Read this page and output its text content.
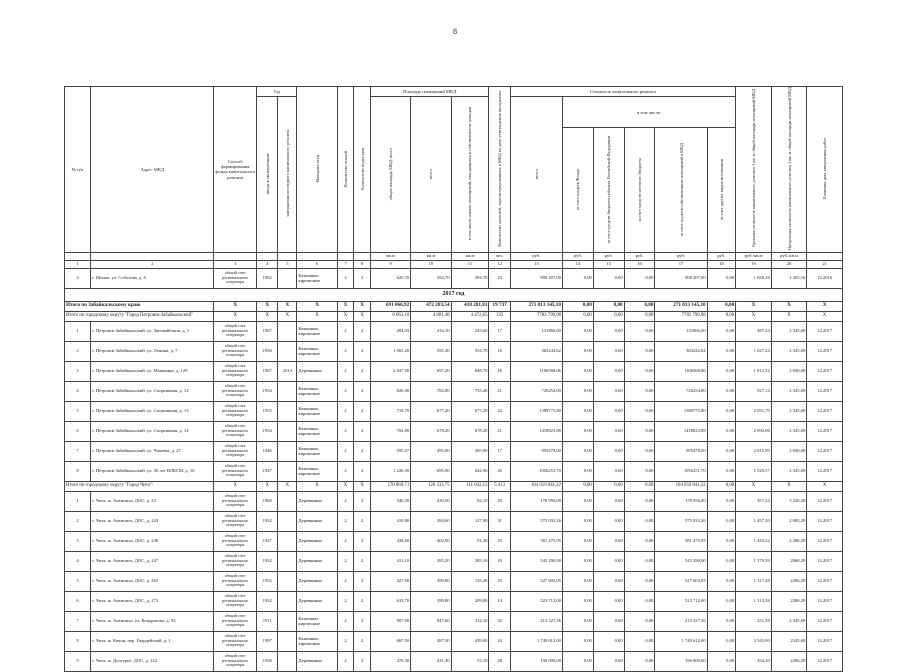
8
№ п/п	Адрес МКД	Способ формирования фонда капитального ремонта	Год		Материал стен	Количество этажей	Количество подъездов	Площадь помещений МКД			Количество жителей, зарегистрированных в МКД на дату утверждения программы	Стоимость капитального ремонта						Удельная стоимость капитального ремонта 1 кв. м общей площади помещений МКД	Предельная стоимость капитального ремонта 1 кв. м общей площади помещений МКД	Плановая дата завершения работ
			ввода в эксплуатацию	завершения последнего капитального ремонта				общая площадь МКД, всего	всего	в том числе жилых помещений, находящихся в собственности граждан		всего	в том числе:							
													за счет средств Фонда	за счет средств бюджета субъекта Российской Федерации	за счет средств местного бюджета	за счет средств собственников помещений в МКД	за счет других видов источников			
								кв.м	кв.м	кв.м	чел.	руб.	руб.	руб.	руб.	руб.	руб.	руб./кв.м	руб./кв.м	
1	2	3	4	5	6	7	8	9	10	11	12	13	14	15	16	17	18	19	20	21
4	г. Шилка, ул. Соболева, д. 6	общий счет регионального оператора	1962		Каменные, кирпичные	2	2	620,70	584,70	584,70	23	908 207,00	0,00	0,00	0,00	908 207,00	0,00	1 656,18	1 465,16	12.2016
2017 год																				
Итого по Забайкальскому краю		X	X	X	X	X	X	691 066,92	472 283,54	418 281,81	19 737	271 013 145,10	0,00	0,00	0,00	271 013 145,10	0,00	X	X	X
Итого по городскому округу "Город Петровск-Забайкальский"		X	X	X	X	X	X	6 063,10	4 801,40	4 472,65	135	7782 799,98	0,00	0,00	0,00	7782 799,98	0,00	X	X	X
1	г. Петровск-Забайкальский, ул. Зиговайбаков, д. 1	общий счет регионального оператора	1967		Каменные, кирпичные	2	2	494,03	234,10	243,60	17	131866,00	0,00	0,00	0,00	131866,00	0,00	487,24	2 345,69	12.2017
2	г. Петровск-Забайкальский, ул. Ленина, д. 7	общий счет регионального оператора	1950		Каменные, кирпичные	2	2	1 065,20	595,30	554,70	16	363242,62	0,00	0,00	0,00	363242,62	0,00	1 627,24	2 345,69	12.2017
3	г. Петровск-Забайкальский, ул. Мышкина, д. 129	общий счет регионального оператора	1967	2014	Деревянные	2	2	2 047,90	697,20	648,70	16	1106568,06	0,00	0,00	0,00	1106568,06	0,00	1 812,52	2 690,00	12.2017
4	г. Петровск-Забайкальский, ул. Спортивная, д. 12	общий счет регионального оператора	1954		Каменные, кирпичные	2	2	826,90	782,80	733,40	21	726254,00	0,00	0,00	0,00	726254,00	0,00	927,14	2 345,69	12.2017
5	г. Петровск-Забайкальский, ул. Спортивная, д. 13	общий счет регионального оператора	1955		Каменные, кирпичные	2	2	718,70	677,20	677,29	22	1389775,80	0,00	0,00	0,00	1389775,80	0,00	2 051,79	2 345,69	12.2017
6	г. Петровск-Забайкальский, ул. Спортивная, д. 14	общий счет регионального оператора	1954		Каменные, кирпичные	2	2	704,80	678,20	678,20	21	1418823,88	0,00	0,00	0,00	1418823,88	0,00	2 092,06	2 345,69	12.2017
7	г. Петровск-Забайкальский, ул. Чапаева, д. 27	общий счет регионального оператора	1946		Каменные, кирпичные	2	2	595,07	495,90	495,90	17	995478,00	0,00	0,00	0,00	995478,00	0,00	2 015,99	2 690,00	12.2017
8	г. Петровск-Забайкальский, ул. 30 лет ВЛКСМ, д. 16	общий счет регионального оператора	1947		Каменные, кирпичные	2	2	1 226,50	695,90	642,96	26	1056251,70	0,00	0,00	0,00	1056251,70	0,00	1 529,57	2 345,69	12.2017
Итого по городскому округу "Город Чита":		X	X	X	X	X	X	170 869,71	126 333,75	111 042,12	5 413	104 959 041,22	0,00	0,00	0,00	104 959 041,22	0,00	X	X	X
1	г. Чита, ж. Антипиха, ДОС, д. 23	общий счет регионального оператора	1960		Деревянные	2	2	340,50	430,50	62,19	29	178 956,00	0,00	0,00	0,00	178 956,00	0,00	357,24	3 226,20	12.2017
2	г. Чита, ж. Антипиха, ДОС, д. 243	общий счет регионального оператора	1932		Деревянные	2	2	410,80	384,60	127,90	31	575 033,26	0,00	0,00	0,00	575 033,26	0,00	1 457,20	2 082,29	12.2017
3	г. Чита, ж. Антипиха, ДОС, д. 246	общий счет регионального оператора	1927		Деревянные	2	2	438,60	402,90	91,30	25	581 475,95	0,00	0,00	0,00	581 475,95	0,00	1 443,22	2 286,29	12.2017
4	г. Чита, ж. Антипиха, ДОС, д. 247	общий счет регионального оператора	1932		Деревянные	2	2	412,10	385,20	385,10	18	545 290,00	0,00	0,00	0,00	545 290,00	0,00	1 379,59	2060,29	12.2017
5	г. Чита, ж. Антипиха, ДОС, д. 265	общий счет регионального оператора	1952		Деревянные	2	2	427,90	399,80	135,40	25	527 603,05	0,00	0,00	0,00	527 603,05	0,00	1 317,48	2286,29	12.2017
6	г. Чита, ж. Антипиха, ДОС, д. 273	общий счет регионального оператора	1932		Деревянные	2	2	633,70	399,80	209,90	14	523 712,00	0,00	0,00	0,00	523 712,00	0,00	1 313,58	2286,29	12.2017
7	г. Чита, ж. Антипиха, ул. Кондратова, д. 33	общий счет регионального оператора	1911		Каменные, кирпичные	2	2	907,90	847,60	314,10	32	213 327,56	0,00	0,00	0,00	213 327,56	0,00	251,58	2 345,69	12.2017
8	г. Чита, ж. Кенон, пер. Гвардейский, д. 1	общий счет регионального оператора	1997		Каменные, кирпичные	2	2	667,50	487,30	439,00	24	1 749 612,00	0,00	0,00	0,00	1 749 612,00	0,00	3 545,00	2345,69	12.2017
9	г. Чита, ж. Долгурье, ДОС, д. 122	общий счет регионального оператора	1956		Деревянные	2	2	476,30	431,30	53,10	28	196 000,00	0,00	0,00	0,00	196 000,00	0,00	454,20	2286,29	12.2017
